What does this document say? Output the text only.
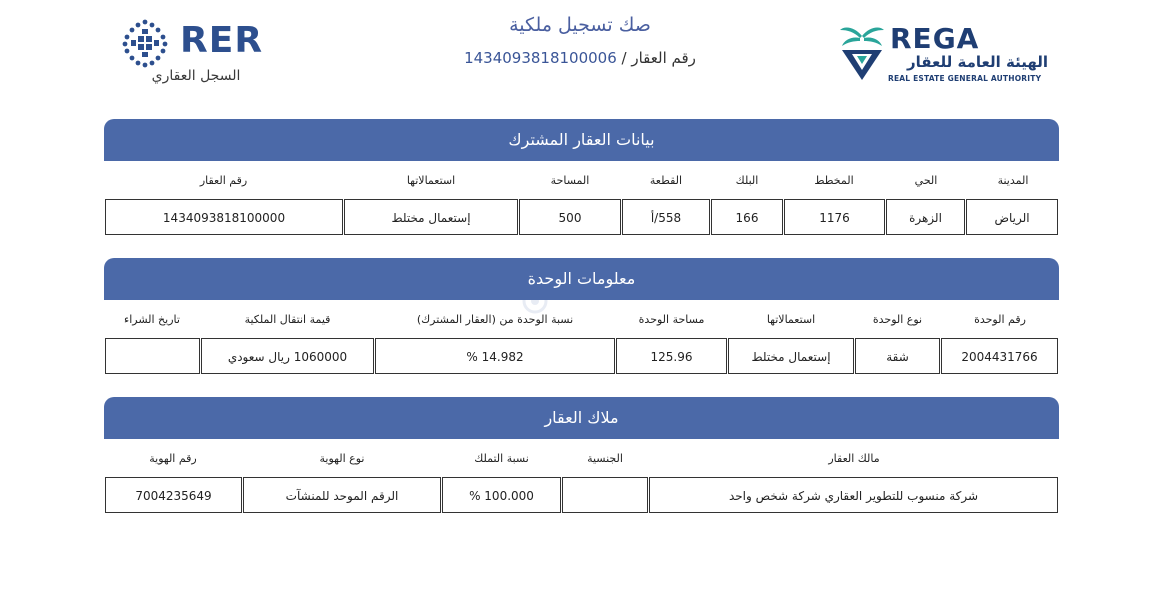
RER
السجل العقاري
صك تسجيل ملكية
رقم العقار / 1434093818100006
REGA
الهيئة العامة للعقار
REAL ESTATE GENERAL AUTHORITY
بيانات العقار المشترك
المدينة
الحي
المخطط
البلك
القطعة
المساحة
استعمالاتها
رقم العقار
الرياض
الزهرة
1176
166
558/أ
500
إستعمال مختلط
1434093818100000
معلومات الوحدة
رقم الوحدة
نوع الوحدة
استعمالاتها
مساحة الوحدة
نسبة الوحدة من (العقار المشترك)
قيمة انتقال الملكية
تاريخ الشراء
2004431766
شقة
إستعمال مختلط
125.96
14.982 %
1060000 ريال سعودي
ملاك العقار
مالك العقار
الجنسية
نسبة التملك
نوع الهوية
رقم الهوية
شركة منسوب للتطوير العقاري شركة شخص واحد
100.000 %
الرقم الموحد للمنشآت
7004235649
